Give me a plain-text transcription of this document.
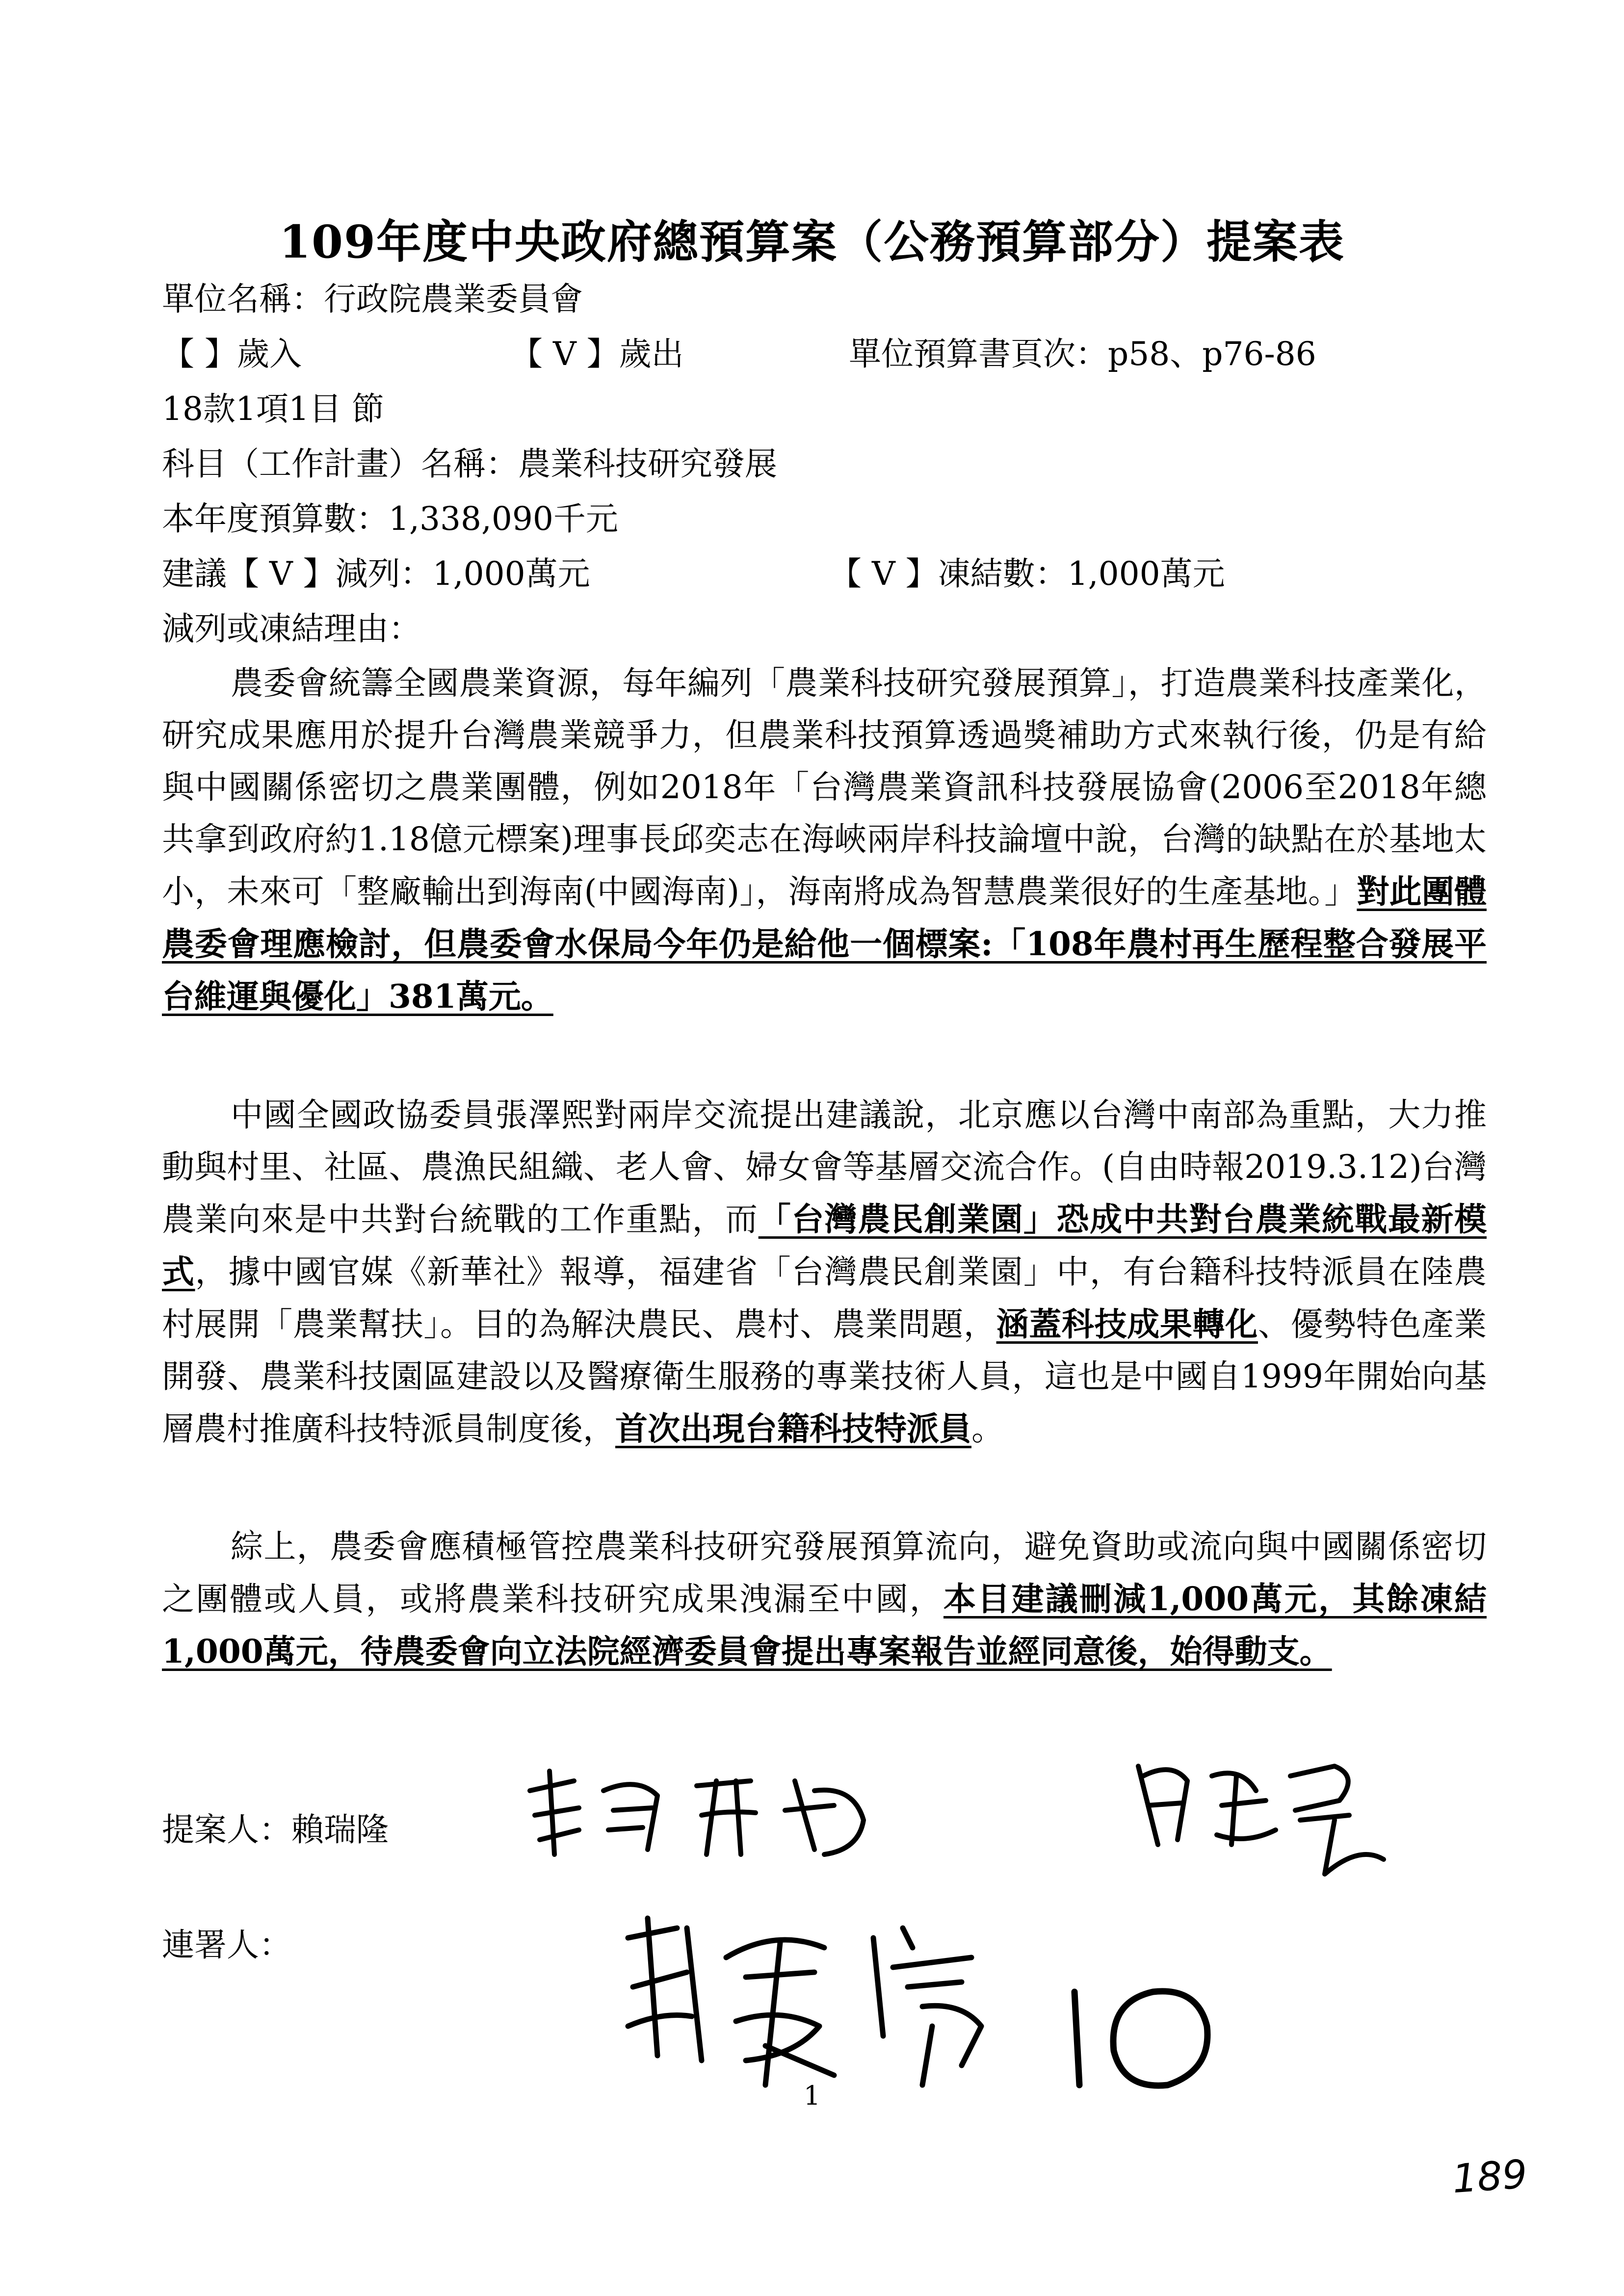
109年度中央政府總預算案（公務預算部分）提案表
單位名稱：行政院農業委員會
【 】歲入	【 V 】歲出	單位預算書頁次：p58、p76-86
18款1項1目 節
科目（工作計畫）名稱：農業科技研究發展
本年度預算數：1,338,090千元
建議【 V 】減列：1,000萬元	【 V 】凍結數：1,000萬元
減列或凍結理由：
農委會統籌全國農業資源，每年編列「農業科技研究發展預算」，打造農業科技產業化，研究成果應用於提升台灣農業競爭力，但農業科技預算透過獎補助方式來執行後，仍是有給與中國關係密切之農業團體，例如2018年「台灣農業資訊科技發展協會(2006至2018年總共拿到政府約1.18億元標案)理事長邱奕志在海峽兩岸科技論壇中說，台灣的缺點在於基地太小，未來可「整廠輸出到海南(中國海南)」，海南將成為智慧農業很好的生產基地。」對此團體農委會理應檢討，但農委會水保局今年仍是給他一個標案:「108年農村再生歷程整合發展平台維運與優化」381萬元。
中國全國政協委員張澤熙對兩岸交流提出建議說，北京應以台灣中南部為重點，大力推動與村里、社區、農漁民組織、老人會、婦女會等基層交流合作。(自由時報2019.3.12)台灣農業向來是中共對台統戰的工作重點，而「台灣農民創業園」恐成中共對台農業統戰最新模式，據中國官媒《新華社》報導，福建省「台灣農民創業園」中，有台籍科技特派員在陸農村展開「農業幫扶」。目的為解決農民、農村、農業問題，涵蓋科技成果轉化、優勢特色產業開發、農業科技園區建設以及醫療衛生服務的專業技術人員，這也是中國自1999年開始向基層農村推廣科技特派員制度後，首次出現台籍科技特派員。
綜上，農委會應積極管控農業科技研究發展預算流向，避免資助或流向與中國關係密切之團體或人員，或將農業科技研究成果洩漏至中國，本目建議刪減1,000萬元，其餘凍結1,000萬元，待農委會向立法院經濟委員會提出專案報告並經同意後，始得動支。
提案人：賴瑞隆
連署人：
1
189
